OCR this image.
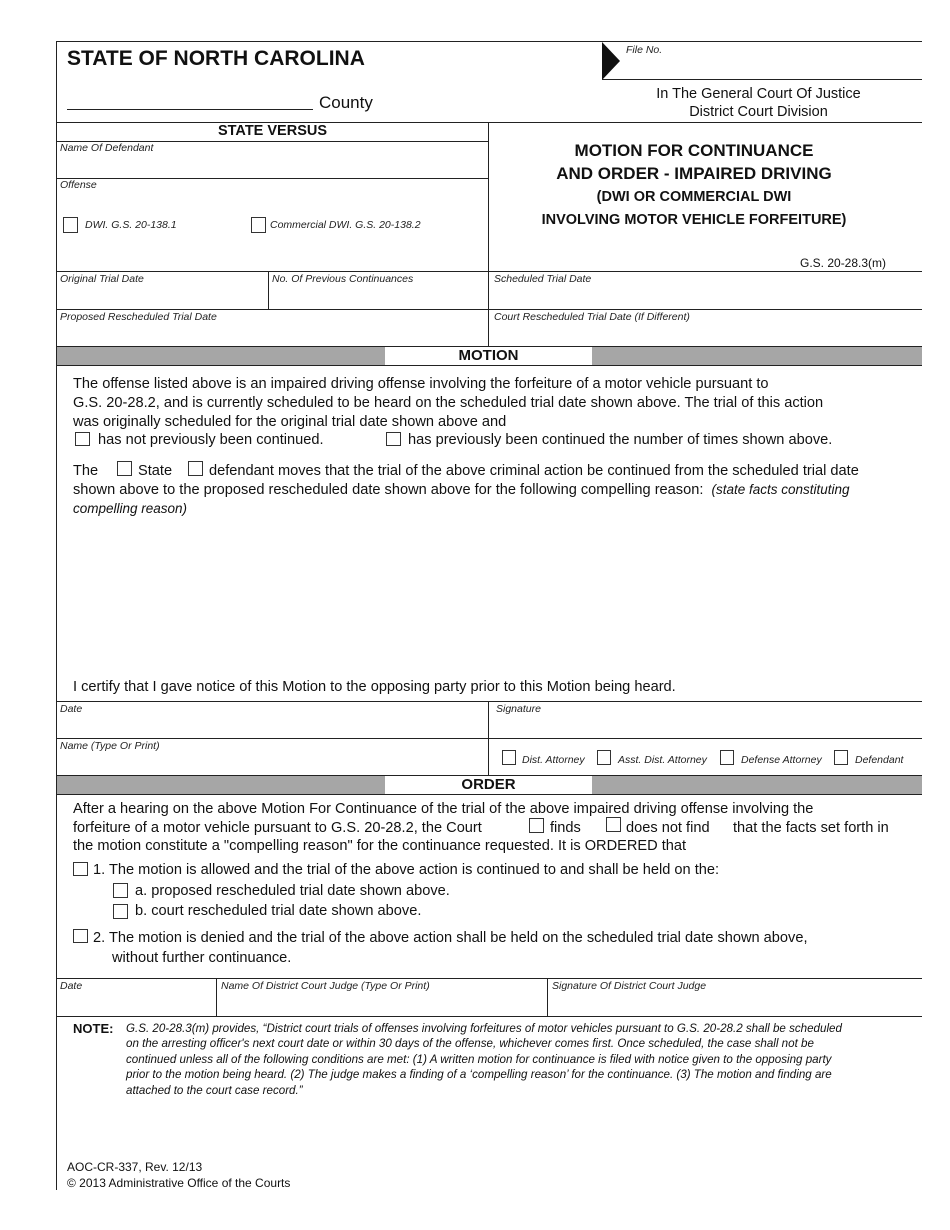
STATE OF NORTH CAROLINA
County
File No.
In The General Court Of Justice
District Court Division
STATE VERSUS
Name Of Defendant
Offense
DWI. G.S. 20-138.1	Commercial DWI. G.S. 20-138.2
MOTION FOR CONTINUANCE
AND ORDER - IMPAIRED DRIVING
(DWI OR COMMERCIAL DWI
INVOLVING MOTOR VEHICLE FORFEITURE)
G.S. 20-28.3(m)
Original Trial Date	No. Of Previous Continuances	Scheduled Trial Date
Proposed Rescheduled Trial Date	Court Rescheduled Trial Date (If Different)
MOTION
The offense listed above is an impaired driving offense involving the forfeiture of a motor vehicle pursuant to
G.S. 20-28.2, and is currently scheduled to be heard on the scheduled trial date shown above. The trial of this action
was originally scheduled for the original trial date shown above and
has not previously been continued.	has previously been continued the number of times shown above.
The	State	defendant moves that the trial of the above criminal action be continued from the scheduled trial date
shown above to the proposed rescheduled date shown above for the following compelling reason: (state facts constituting
compelling reason)
I certify that I gave notice of this Motion to the opposing party prior to this Motion being heard.
Date	Signature
Name (Type Or Print)
Dist. Attorney	Asst. Dist. Attorney	Defense Attorney	Defendant
ORDER
After a hearing on the above Motion For Continuance of the trial of the above impaired driving offense involving the
forfeiture of a motor vehicle pursuant to G.S. 20-28.2, the Court	finds	does not find that the facts set forth in
the motion constitute a "compelling reason" for the continuance requested. It is ORDERED that
1. The motion is allowed and the trial of the above action is continued to and shall be held on the:
a. proposed rescheduled trial date shown above.
b. court rescheduled trial date shown above.
2. The motion is denied and the trial of the above action shall be held on the scheduled trial date shown above,
without further continuance.
Date	Name Of District Court Judge (Type Or Print)	Signature Of District Court Judge
NOTE: G.S. 20-28.3(m) provides, “District court trials of offenses involving forfeitures of motor vehicles pursuant to G.S. 20-28.2 shall be scheduled
on the arresting officer's next court date or within 30 days of the offense, whichever comes first. Once scheduled, the case shall not be
continued unless all of the following conditions are met: (1) A written motion for continuance is filed with notice given to the opposing party
prior to the motion being heard. (2) The judge makes a finding of a ‘compelling reason’ for the continuance. (3) The motion and finding are
attached to the court case record.”
AOC-CR-337, Rev. 12/13
© 2013 Administrative Office of the Courts
